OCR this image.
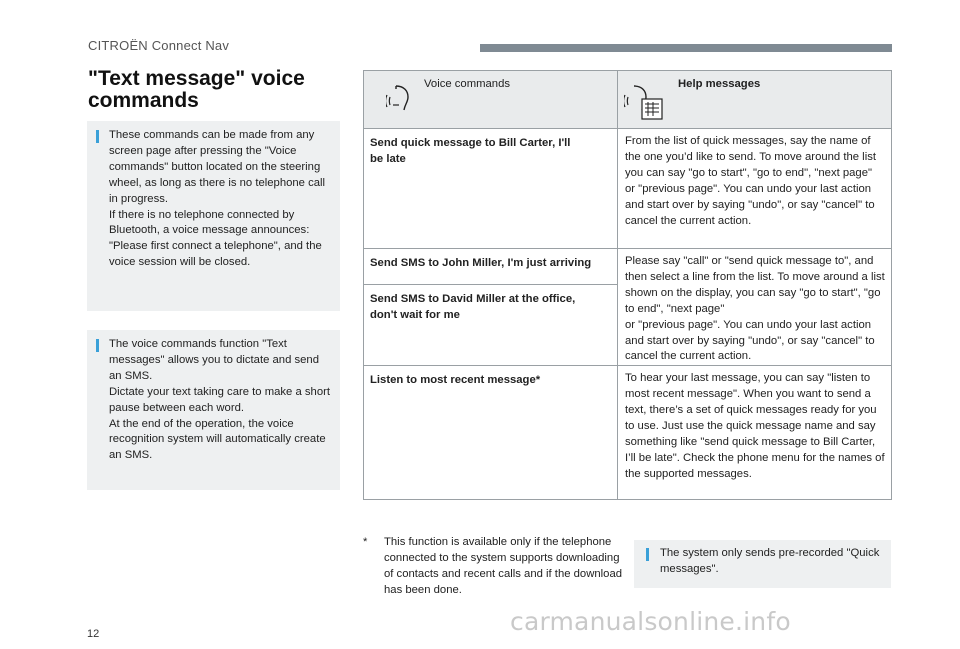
CITROËN Connect Nav
"Text message" voice commands

These commands can be made from any screen page after pressing the "Voice commands" button located on the steering wheel, as long as there is no telephone call in progress.
If there is no telephone connected by Bluetooth, a voice message announces: "Please first connect a telephone", and the voice session will be closed.

The voice commands function "Text messages" allows you to dictate and send an SMS.
Dictate your text taking care to make a short pause between each word.
At the end of the operation, the voice recognition system will automatically create an SMS.

Voice commands	Help messages

Send quick message to Bill Carter, I'll
be late	From the list of quick messages, say the name of the one you’d like to send. To move around the list you can say "go to start", "go to end", "next page" or "previous page". You can undo your last action and start over by saying "undo", or say "cancel" to cancel the current action.

Send SMS to John Miller, I'm just arriving	Please say "call" or "send quick message to", and then select a line from the list. To move around a list shown on the display, you can say "go to start", "go to end", "next page"
or "previous page". You can undo your last action and start over by saying "undo", or say "cancel" to cancel the current action.

Send SMS to David Miller at the office,
don't wait for me	

Listen to most recent message*	To hear your last message, you can say "listen to most recent message". When you want to send a text, there’s a set of quick messages ready for you to use. Just use the quick message name and say something like "send quick message to Bill Carter, I’ll be late". Check the phone menu for the names of the supported messages.
*	This function is available only if the telephone connected to the system supports downloading of contacts and recent calls and if the download has been done.

The system only sends pre-recorded "Quick messages".

12	carmanualsonline.info
